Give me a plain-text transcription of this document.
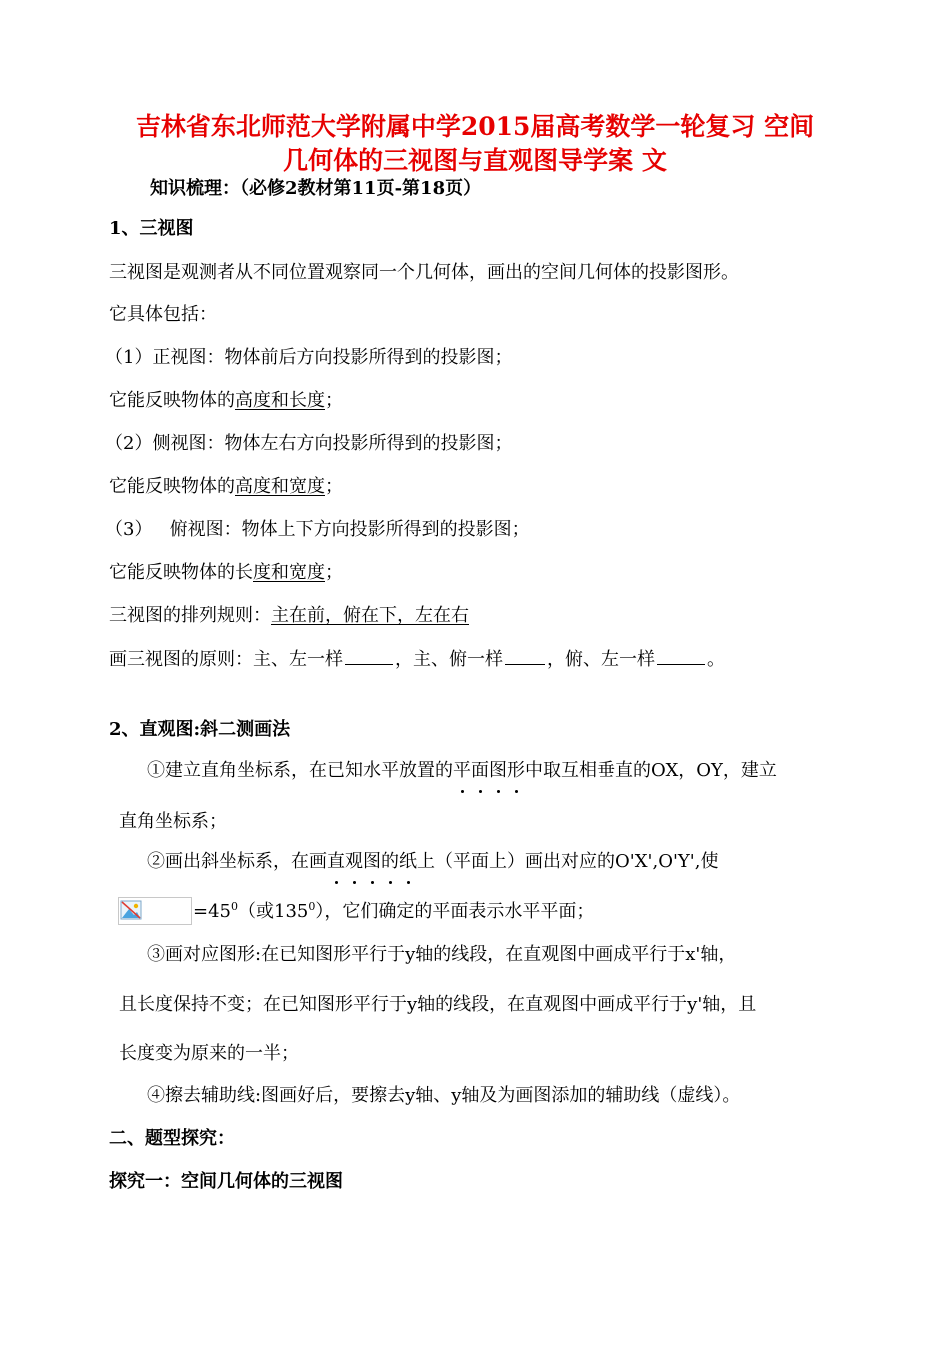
吉林省东北师范大学附属中学2015届高考数学一轮复习 空间
几何体的三视图与直观图导学案 文
知识梳理：（必修2教材第11页-第18页）
1、三视图
三视图是观测者从不同位置观察同一个几何体，画出的空间几何体的投影图形。
它具体包括：
（1）正视图：物体前后方向投影所得到的投影图；
它能反映物体的高度和长度；
（2）侧视图：物体左右方向投影所得到的投影图；
它能反映物体的高度和宽度；
（3）   俯视图：物体上下方向投影所得到的投影图；
它能反映物体的长度和宽度；
三视图的排列规则：主在前，俯在下，左在右
画三视图的原则：主、左一样	，主、俯一样 ，俯、左一样	。
2、直观图:斜二测画法
①建立直角坐标系，在已知水平放置的平面图形中取互相垂直的OX，OY，建立
直角坐标系；
②画出斜坐标系，在画直观图的纸上（平面上）画出对应的O'X',O'Y',使
$=45^0$（或$135^0$），它们确定的平面表示水平平面；
③画对应图形:在已知图形平行于y轴的线段，在直观图中画成平行于x'轴，
且长度保持不变；在已知图形平行于y轴的线段，在直观图中画成平行于y'轴，且
长度变为原来的一半；
④擦去辅助线:图画好后，要擦去y轴、y轴及为画图添加的辅助线（虚线）。
二、题型探究：
探究一：空间几何体的三视图
